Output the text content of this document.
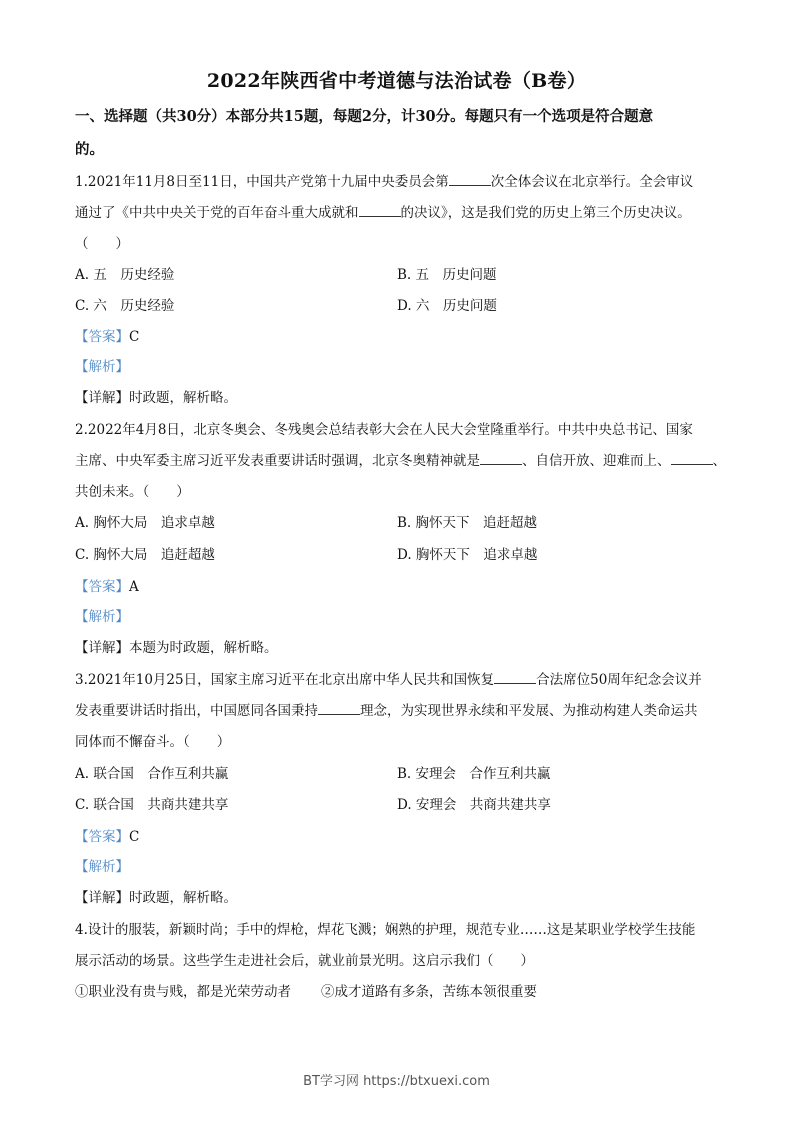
2022年陕西省中考道德与法治试卷（B卷）
一、选择题（共30分）本部分共15题，每题2分，计30分。每题只有一个选项是符合题意
的。
1.2021年11月8日至11日，中国共产党第十九届中央委员会第	次全体会议在北京举行。全会审议
通过了《中共中央关于党的百年奋斗重大成就和	的决议》，这是我们党的历史上第三个历史决议。
（　　）
A. 五　历史经验	B. 五　历史问题
C. 六　历史经验	D. 六　历史问题
【答案】C
【解析】
【详解】时政题，解析略。
2.2022年4月8日，北京冬奥会、冬残奥会总结表彰大会在人民大会堂隆重举行。中共中央总书记、国家
主席、中央军委主席习近平发表重要讲话时强调，北京冬奥精神就是	、自信开放、迎难而上、	、
共创未来。（　　）
A. 胸怀大局　追求卓越	B. 胸怀天下　追赶超越
C. 胸怀大局　追赶超越	D. 胸怀天下　追求卓越
【答案】A
【解析】
【详解】本题为时政题，解析略。
3.2021年10月25日，国家主席习近平在北京出席中华人民共和国恢复	合法席位50周年纪念会议并
发表重要讲话时指出，中国愿同各国秉持	理念，为实现世界永续和平发展、为推动构建人类命运共
同体而不懈奋斗。（　　）
A. 联合国　合作互利共赢	B. 安理会　合作互利共赢
C. 联合国　共商共建共享	D. 安理会　共商共建共享
【答案】C
【解析】
【详解】时政题，解析略。
4.设计的服装，新颖时尚；手中的焊枪，焊花飞溅；娴熟的护理，规范专业……这是某职业学校学生技能
展示活动的场景。这些学生走进社会后，就业前景光明。这启示我们（　　）
①职业没有贵与贱，都是光荣劳动者 ②成才道路有多条，苦练本领很重要
BT学习网 https://btxuexi.com
